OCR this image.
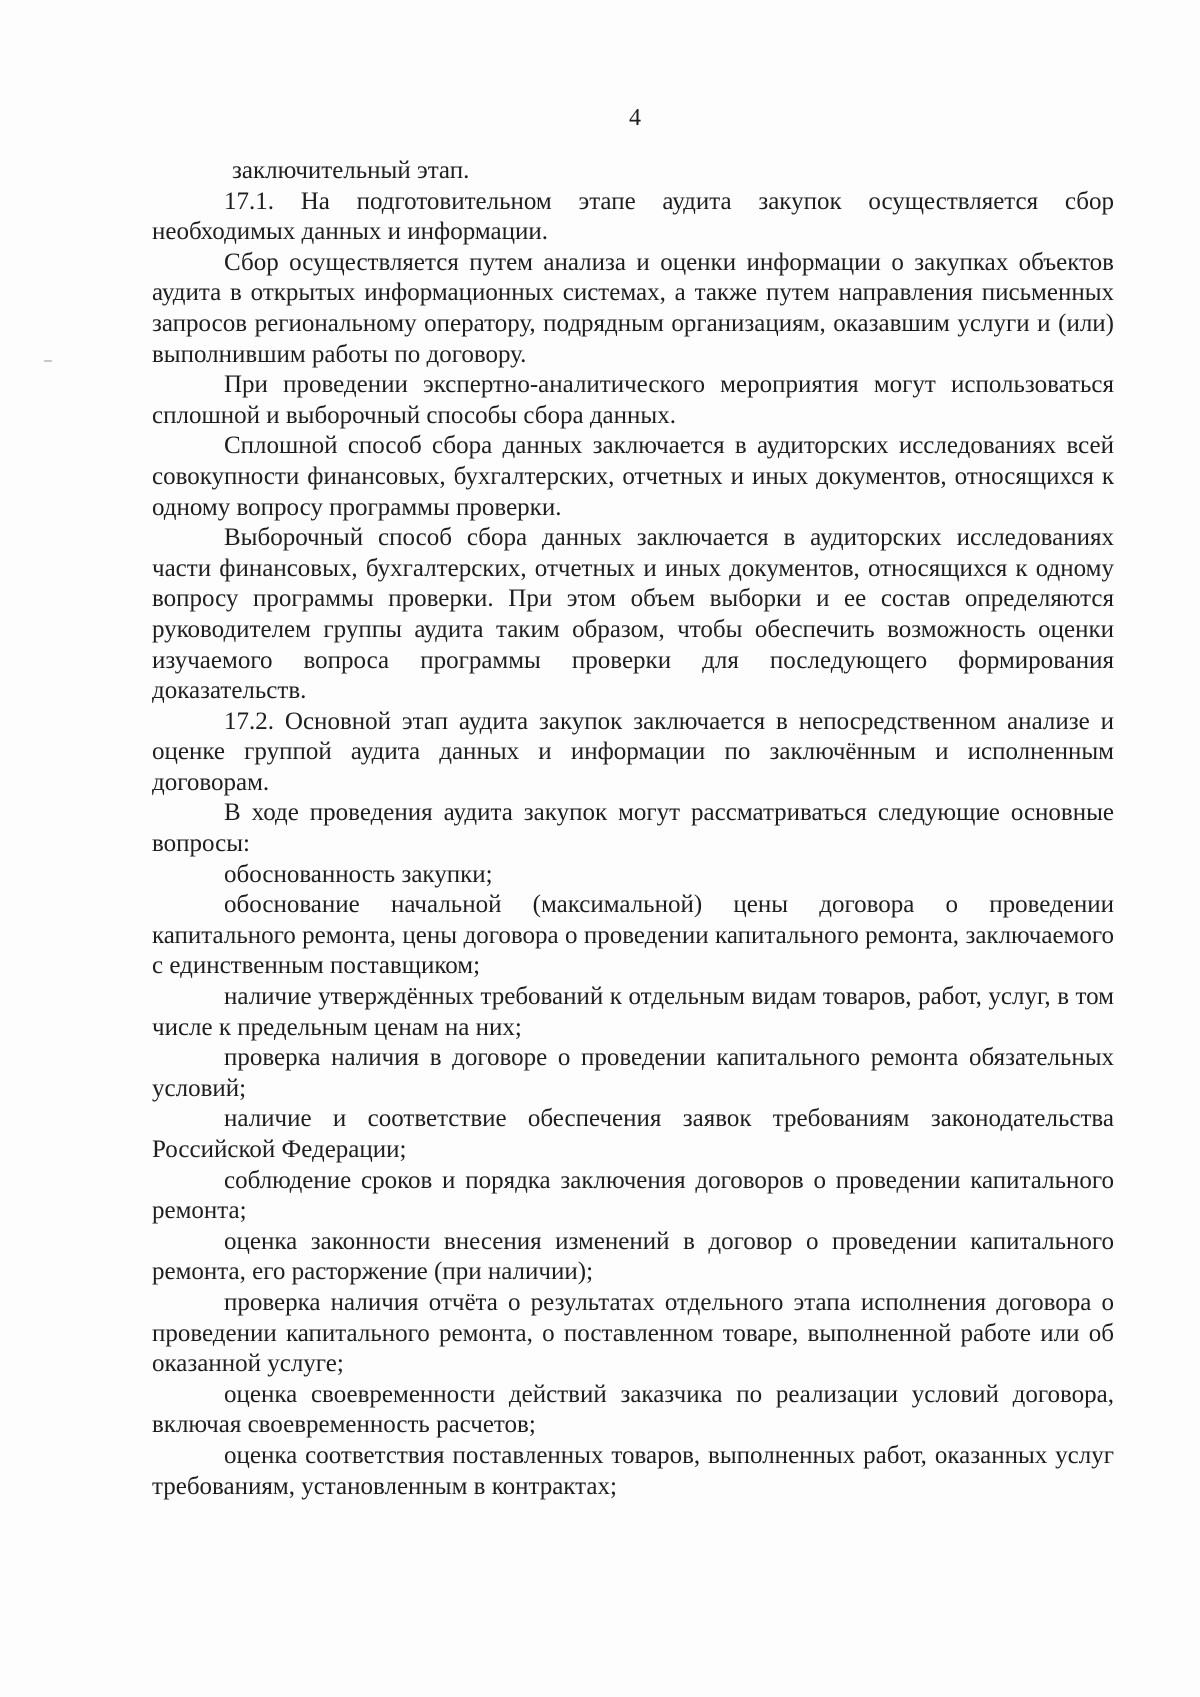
4

заключительный этап.

17.1. На подготовительном этапе аудита закупок осуществляется сбор необходимых данных и информации.

Сбор осуществляется путем анализа и оценки информации о закупках объектов аудита в открытых информационных системах, а также путем направления письменных запросов региональному оператору, подрядным организациям, оказавшим услуги и (или) выполнившим работы по договору.

При проведении экспертно-аналитического мероприятия могут использоваться сплошной и выборочный способы сбора данных.

Сплошной способ сбора данных заключается в аудиторских исследованиях всей совокупности финансовых, бухгалтерских, отчетных и иных документов, относящихся к одному вопросу программы проверки.

Выборочный способ сбора данных заключается в аудиторских исследованиях части финансовых, бухгалтерских, отчетных и иных документов, относящихся к одному вопросу программы проверки. При этом объем выборки и ее состав определяются руководителем группы аудита таким образом, чтобы обеспечить возможность оценки изучаемого вопроса программы проверки для последующего формирования доказательств.

17.2. Основной этап аудита закупок заключается в непосредственном анализе и оценке группой аудита данных и информации по заключённым и исполненным договорам.

В ходе проведения аудита закупок могут рассматриваться следующие основные вопросы:

обоснованность закупки;

обоснование начальной (максимальной) цены договора о проведении капитального ремонта, цены договора о проведении капитального ремонта, заключаемого с единственным поставщиком;

наличие утверждённых требований к отдельным видам товаров, работ, услуг, в том числе к предельным ценам на них;

проверка наличия в договоре о проведении капитального ремонта обязательных условий;

наличие и соответствие обеспечения заявок требованиям законодательства Российской Федерации;

соблюдение сроков и порядка заключения договоров о проведении капитального ремонта;

оценка законности внесения изменений в договор о проведении капитального ремонта, его расторжение (при наличии);

проверка наличия отчёта о результатах отдельного этапа исполнения договора о проведении капитального ремонта, о поставленном товаре, выполненной работе или об оказанной услуге;

оценка своевременности действий заказчика по реализации условий договора, включая своевременность расчетов;

оценка соответствия поставленных товаров, выполненных работ, оказанных услуг требованиям, установленным в контрактах;
